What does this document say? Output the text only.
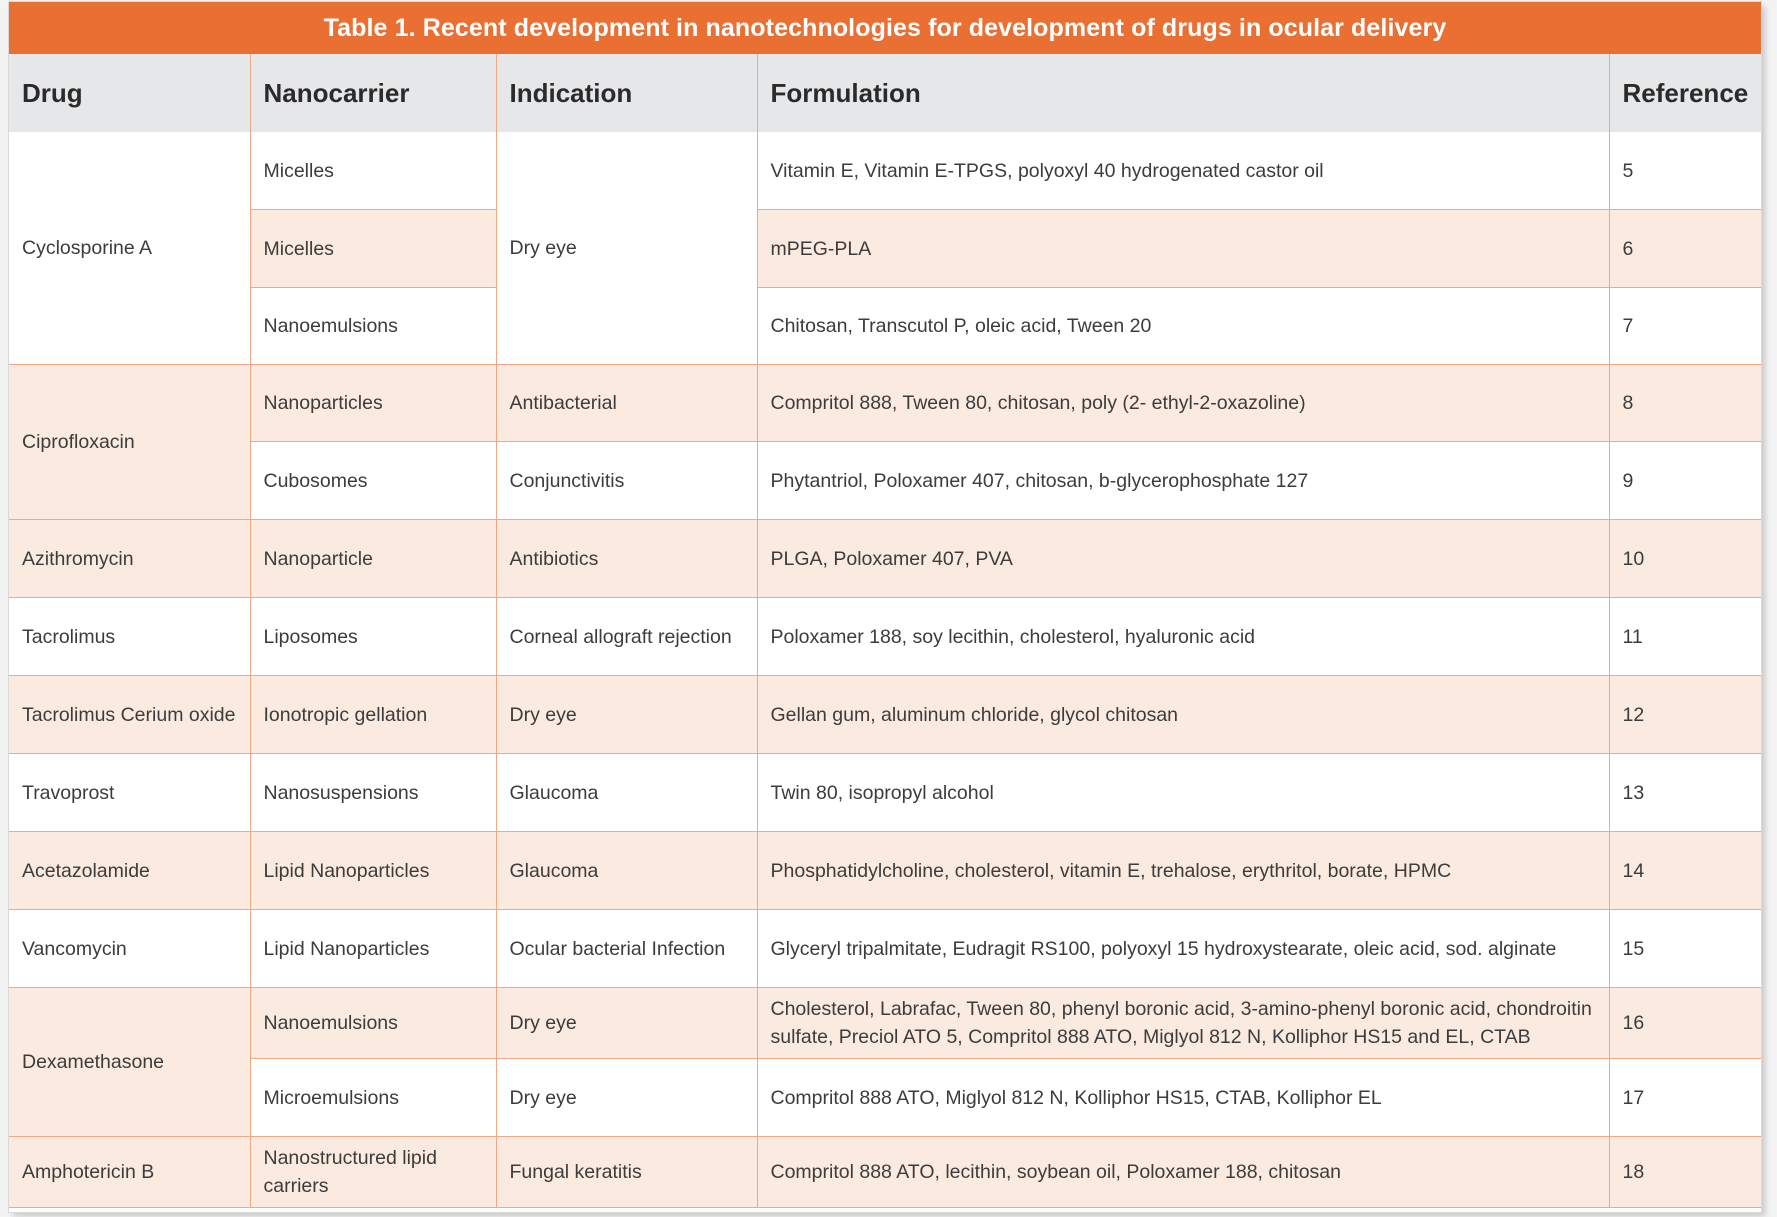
Table 1. Recent development in nanotechnologies for development of drugs in ocular delivery
Drug	Nanocarrier	Indication	Formulation	Reference
Cyclosporine A	Micelles	Dry eye	Vitamin E, Vitamin E-TPGS, polyoxyl 40 hydrogenated castor oil	5
	Micelles		mPEG-PLA	6
	Nanoemulsions		Chitosan, Transcutol P, oleic acid, Tween 20	7
Ciprofloxacin	Nanoparticles	Antibacterial	Compritol 888, Tween 80, chitosan, poly (2- ethyl-2-oxazoline)	8
	Cubosomes	Conjunctivitis	Phytantriol, Poloxamer 407, chitosan, b-glycerophosphate 127	9
Azithromycin	Nanoparticle	Antibiotics	PLGA, Poloxamer 407, PVA	10
Tacrolimus	Liposomes	Corneal allograft rejection	Poloxamer 188, soy lecithin, cholesterol, hyaluronic acid	11
Tacrolimus Cerium oxide	Ionotropic gellation	Dry eye	Gellan gum, aluminum chloride, glycol chitosan	12
Travoprost	Nanosuspensions	Glaucoma	Twin 80, isopropyl alcohol	13
Acetazolamide	Lipid Nanoparticles	Glaucoma	Phosphatidylcholine, cholesterol, vitamin E, trehalose, erythritol, borate, HPMC	14
Vancomycin	Lipid Nanoparticles	Ocular bacterial Infection	Glyceryl tripalmitate, Eudragit RS100, polyoxyl 15 hydroxystearate, oleic acid, sod. alginate	15
Dexamethasone	Nanoemulsions	Dry eye	Cholesterol, Labrafac, Tween 80, phenyl boronic acid, 3-amino-phenyl boronic acid, chondroitin sulfate, Preciol ATO 5, Compritol 888 ATO, Miglyol 812 N, Kolliphor HS15 and EL, CTAB	16
	Microemulsions	Dry eye	Compritol 888 ATO, Miglyol 812 N, Kolliphor HS15, CTAB, Kolliphor EL	17
Amphotericin B	Nanostructured lipid carriers	Fungal keratitis	Compritol 888 ATO, lecithin, soybean oil, Poloxamer 188, chitosan	18
